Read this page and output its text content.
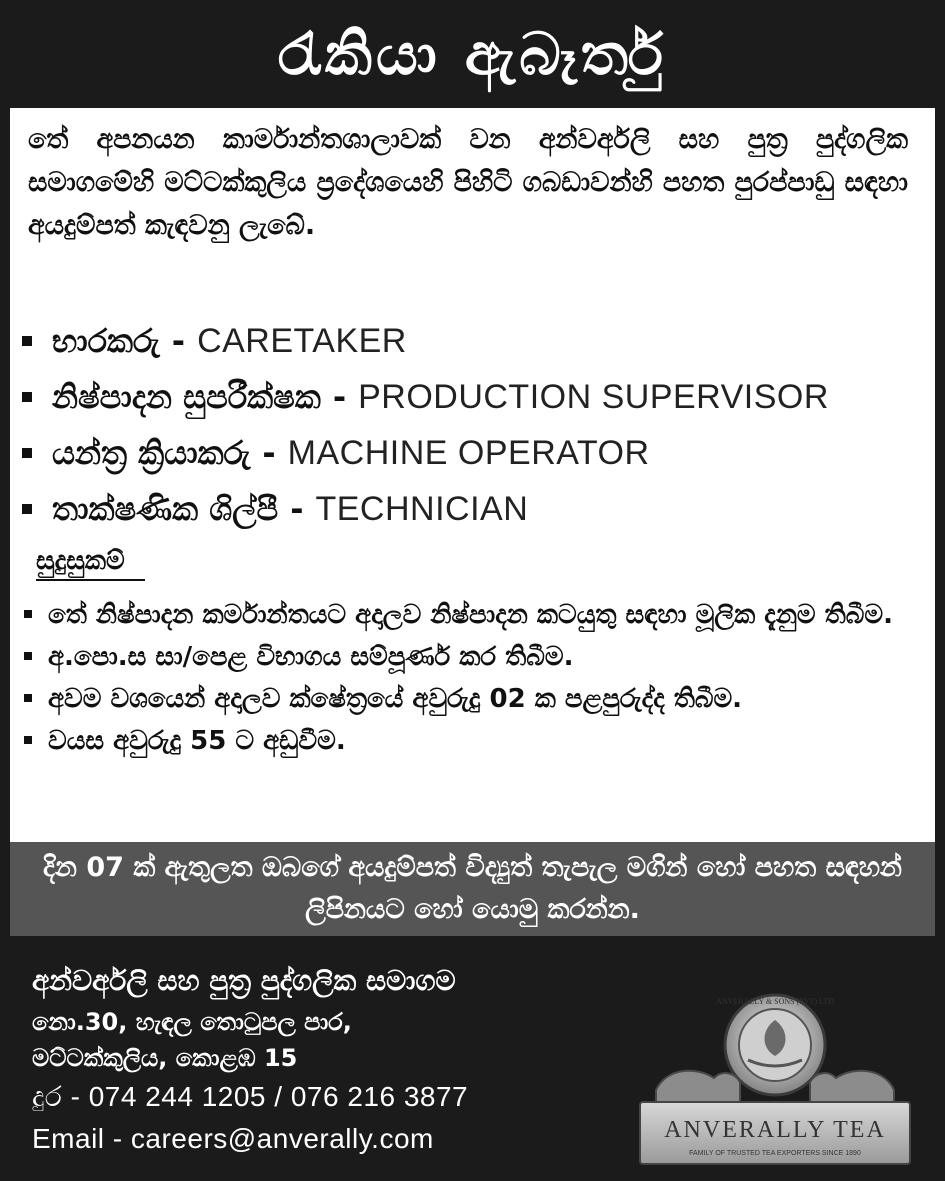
රැකියා ඇබෑර්තු
තේ අපනයන කාර්මාන්තශාලාවක් වන අන්වර්අලි සහ පුත්‍ර පුද්ගලික සමාගමේහි මට්ටක්කුලිය ප්‍රදේශයෙහි පිහිටි ගබඩාවන්හි පහත පුරප්පාඩු සඳහා අයදුම්පත් කැඳවනු ලැබේ.
භාරකරු - CARETAKER
නිෂ්පාදන සුපරීක්ෂක - PRODUCTION SUPERVISOR
යන්ත්‍ර ක්‍රියාකරු - MACHINE OPERATOR
තාක්ෂණික ශිල්පී - TECHNICIAN
සුදුසුකම්
තේ නිෂ්පාදන කර්මාන්තයට අදාලව නිෂ්පාදන කටයුතු සඳහා මූලික දැනුම තිබීම.
අ.පො.ස සා/පෙළ විභාගය සම්පූර්ණ කර තිබීම.
අවම වශයෙන් අදාලව ක්ෂේත්‍රයේ අවුරුදු 02 ක පළපුරුද්ද තිබීම.
වයස අවුරුදු 55 ට අඩුවීම.
දින 07 ක් ඇතුලත ඔබගේ අයදුම්පත් විද්‍යුත් තැපැල මගින් හෝ පහත සඳහන් ලිපිනයට හෝ යොමු කරන්න.
අන්වර්අලි සහ පුත්‍ර පුද්ගලික සමාගම
නො.30, හැඳල තොටුපල පාර,
මට්ටක්කුලිය, කොළඹ 15
දුර - 074 244 1205 / 076 216 3877
Email - careers@anverally.com
ANVERALLY & SONS (PVT) LTD
ANVERALLY TEA
FAMILY OF TRUSTED TEA EXPORTERS SINCE 1890
